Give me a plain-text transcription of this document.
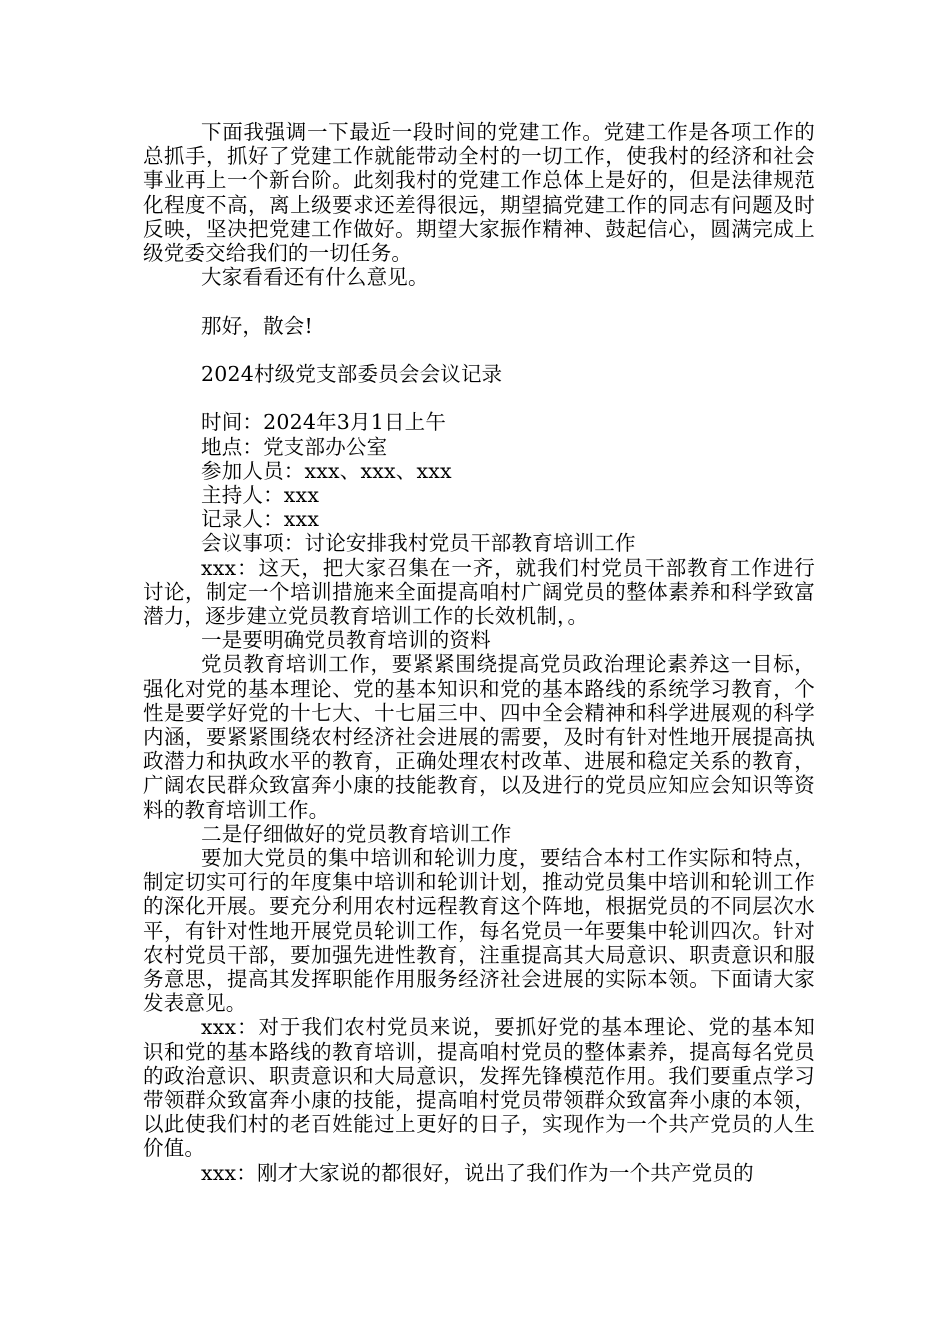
下面我强调一下最近一段时间的党建工作。党建工作是各项工作的总抓手，抓好了党建工作就能带动全村的一切工作，使我村的经济和社会事业再上一个新台阶。此刻我村的党建工作总体上是好的，但是法律规范化程度不高，离上级要求还差得很远，期望搞党建工作的同志有问题及时反映，坚决把党建工作做好。期望大家振作精神、鼓起信心，圆满完成上级党委交给我们的一切任务。

大家看看还有什么意见。

那好，散会!

2024村级党支部委员会会议记录

时间：2024年3月1日上午

地点：党支部办公室

参加人员：xxx、xxx、xxx

主持人：xxx

记录人：xxx

会议事项：讨论安排我村党员干部教育培训工作

xxx：这天，把大家召集在一齐，就我们村党员干部教育工作进行讨论，制定一个培训措施来全面提高咱村广阔党员的整体素养和科学致富潜力，逐步建立党员教育培训工作的长效机制，。

一是要明确党员教育培训的资料

党员教育培训工作，要紧紧围绕提高党员政治理论素养这一目标，强化对党的基本理论、党的基本知识和党的基本路线的系统学习教育，个性是要学好党的十七大、十七届三中、四中全会精神和科学进展观的科学内涵，要紧紧围绕农村经济社会进展的需要，及时有针对性地开展提高执政潜力和执政水平的教育，正确处理农村改革、进展和稳定关系的教育，广阔农民群众致富奔小康的技能教育，以及进行的党员应知应会知识等资料的教育培训工作。

二是仔细做好的党员教育培训工作

要加大党员的集中培训和轮训力度，要结合本村工作实际和特点，制定切实可行的年度集中培训和轮训计划，推动党员集中培训和轮训工作的深化开展。要充分利用农村远程教育这个阵地，根据党员的不同层次水平，有针对性地开展党员轮训工作，每名党员一年要集中轮训四次。针对农村党员干部，要加强先进性教育，注重提高其大局意识、职责意识和服务意思，提高其发挥职能作用服务经济社会进展的实际本领。下面请大家发表意见。

xxx：对于我们农村党员来说，要抓好党的基本理论、党的基本知识和党的基本路线的教育培训，提高咱村党员的整体素养，提高每名党员的政治意识、职责意识和大局意识，发挥先锋模范作用。我们要重点学习带领群众致富奔小康的技能，提高咱村党员带领群众致富奔小康的本领，以此使我们村的老百姓能过上更好的日子，实现作为一个共产党员的人生价值。

xxx：刚才大家说的都很好，说出了我们作为一个共产党员的
